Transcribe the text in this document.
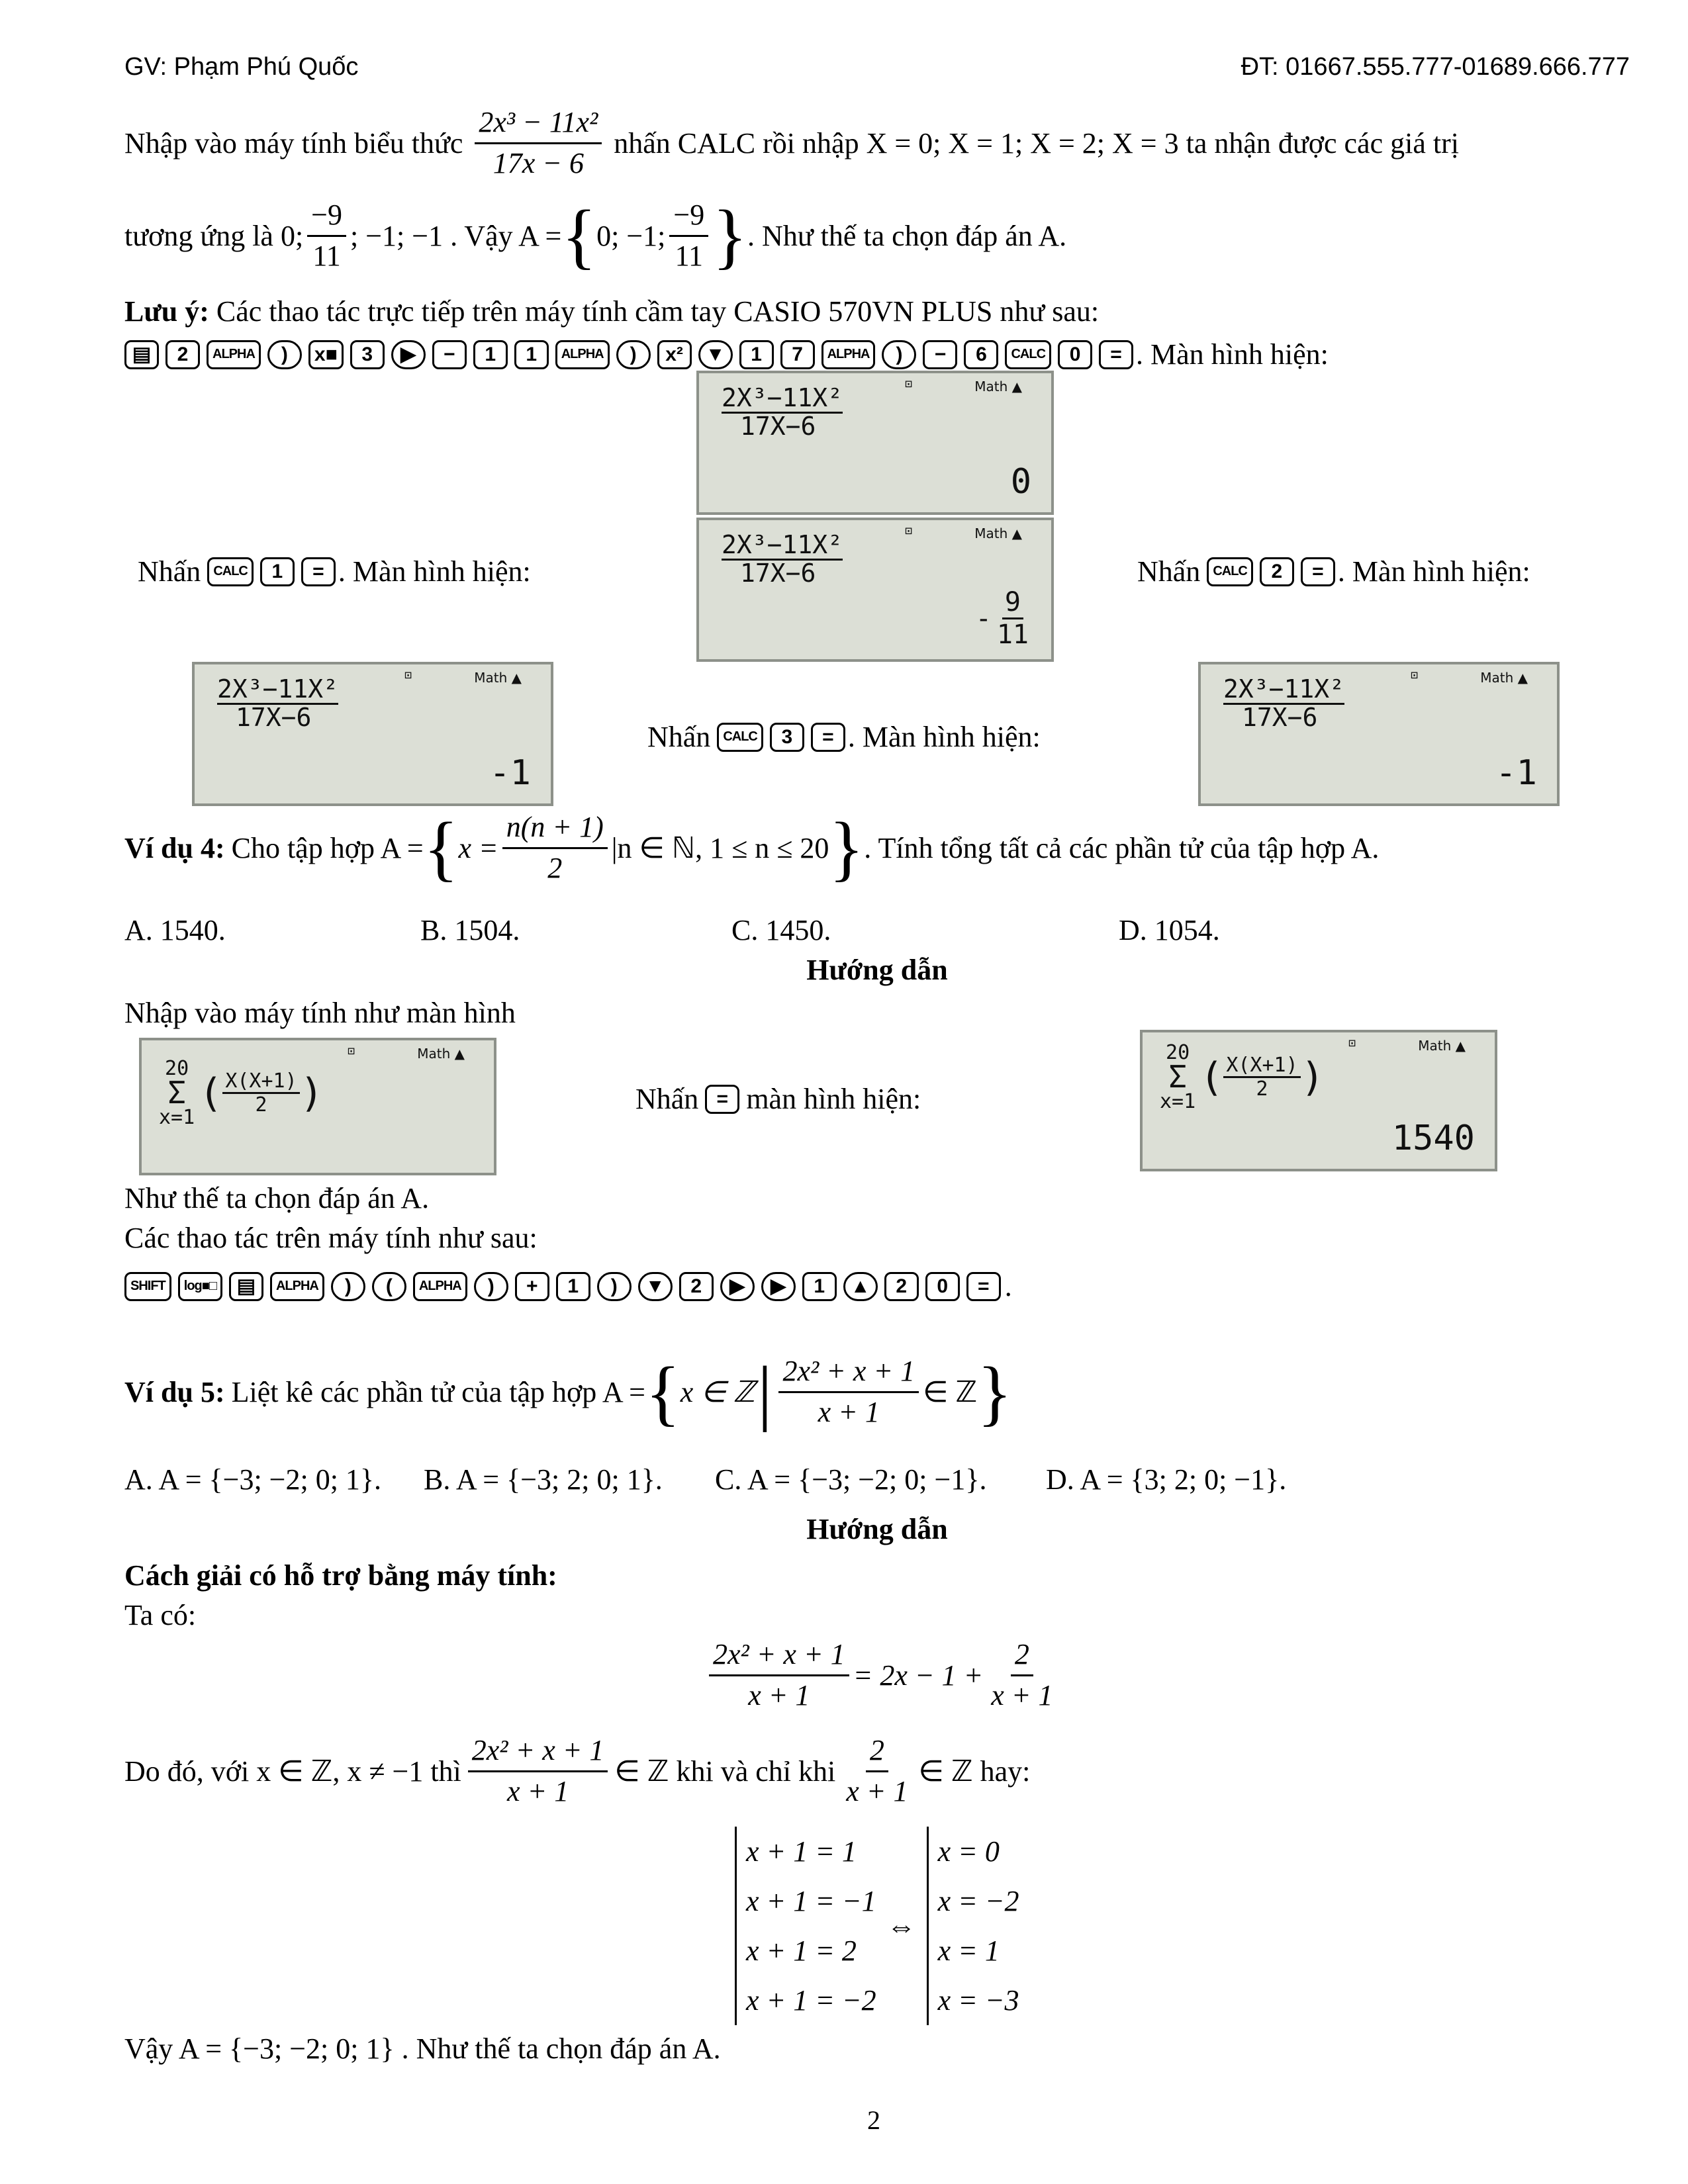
GV: Phạm Phú Quốc	ĐT: 01667.555.777-01689.666.777
Nhập vào máy tính biểu thức $\frac{\text{2x³ − 11x²}}{17x - 6}$ nhấn CALC rồi nhập X = 0; X = 1; X = 2; X = 3 ta nhận được các giá trị
tương ứng là 0; $\frac{-9}{11}$ ; −1; −1 . Vậy A = { 0; −1; $\frac{-9}{11}$ } . Như thế ta chọn đáp án A.
Lưu ý: Các thao tác trực tiếp trên máy tính cầm tay CASIO 570VN PLUS như sau:
▤	2	ALPHA	)	x■	3	▶	−	1	1	ALPHA	)	x²	▼	1	7	ALPHA	)	−	6	CALC	0	= . Màn hình hiện:
⊡	Math ▲
$\frac{\text{2X³−11X²}}{17X-6}$
0
Nhấn CALC	1	= . Màn hình hiện:
⊡	Math ▲
$\frac{\text{2X³−11X²}}{17X-6}$
- $\frac{9}{11}$
Nhấn CALC	2	= . Màn hình hiện:
⊡	Math ▲
$\frac{\text{2X³−11X²}}{17X-6}$
-1
Nhấn CALC	3	= . Màn hình hiện:
⊡	Math ▲
$\frac{\text{2X³−11X²}}{17X-6}$
-1
Ví dụ 4: Cho tập hợp A = { $x = \frac{n(n + 1)}{2} |n$ ∈ ℕ, 1 ≤ n ≤ 20 } . Tính tổng tất cả các phần tử của tập hợp A.
A. 1540.	B. 1504.	C. 1450.	D. 1054.
Hướng dẫn
Nhập vào máy tính như màn hình
⊡	Math ▲
20
Σ
x=1
( $\frac{X(X+1)}{2}$ )	Nhấn = màn hình hiện:
⊡	Math ▲
20
Σ
x=1
( $\frac{X(X+1)}{2}$ )
1540
Như thế ta chọn đáp án A.
Các thao tác trên máy tính như sau:
SHIFT	log■□	▤	ALPHA	)	(	ALPHA	)	+	1	)	▼	2	▶	▶	1	▲	2	0	= .
Ví dụ 5: Liệt kê các phần tử của tập hợp A = { x ∈ ℤ | $\frac{\text{2x² + x + 1}}{x + 1}$ ∈ ℤ }
A. A = {−3; −2; 0; 1}. B. A = {−3; 2; 0; 1}. C. A = {−3; −2; 0; −1}. D. A = {3; 2; 0; −1}.
Hướng dẫn
Cách giải có hỗ trợ bằng máy tính:
Ta có:
$\frac{\text{2x² + x + 1}}{x + 1} = 2x - 1 + \frac{2}{x + 1}$
Do đó, với x ∈ ℤ, x ≠ −1 thì $\frac{\text{2x² + x + 1}}{x + 1}$ ∈ ℤ khi và chỉ khi $\frac{2}{x + 1}$ ∈ ℤ hay:
x + 1 = 1
x + 1 = −1
x + 1 = 2
x + 1 = −2
⇔
x = 0
x = −2
x = 1
x = −3
Vậy A = {−3; −2; 0; 1} . Như thế ta chọn đáp án A.
2
